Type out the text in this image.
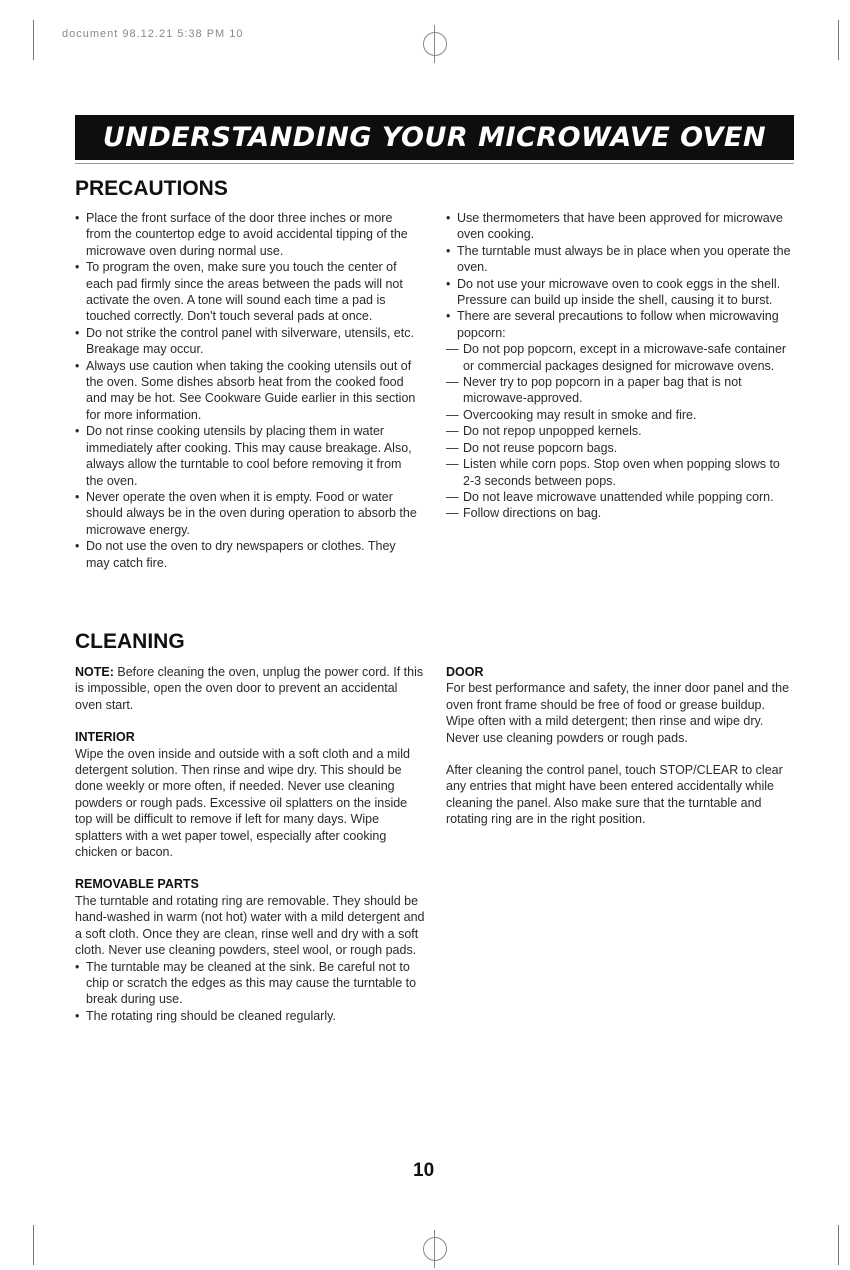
document 98.12.21 5:38 PM 10
UNDERSTANDING YOUR MICROWAVE OVEN
PRECAUTIONS
• Place the front surface of the door three inches or more from the countertop edge to avoid accidental tipping of the microwave oven during normal use.
• To program the oven, make sure you touch the center of each pad firmly since the areas between the pads will not activate the oven. A tone will sound each time a pad is touched correctly. Don't touch several pads at once.
• Do not strike the control panel with silverware, utensils, etc. Breakage may occur.
• Always use caution when taking the cooking utensils out of the oven. Some dishes absorb heat from the cooked food and may be hot. See Cookware Guide earlier in this section for more information.
• Do not rinse cooking utensils by placing them in water immediately after cooking. This may cause breakage. Also, always allow the turntable to cool before removing it from the oven.
• Never operate the oven when it is empty. Food or water should always be in the oven during operation to absorb the microwave energy.
• Do not use the oven to dry newspapers or clothes. They may catch fire.
• Use thermometers that have been approved for microwave oven cooking.
• The turntable must always be in place when you operate the oven.
• Do not use your microwave oven to cook eggs in the shell. Pressure can build up inside the shell, causing it to burst.
• There are several precautions to follow when microwaving popcorn:
— Do not pop popcorn, except in a microwave-safe container or commercial packages designed for microwave ovens.
— Never try to pop popcorn in a paper bag that is not microwave-approved.
— Overcooking may result in smoke and fire.
— Do not repop unpopped kernels.
— Do not reuse popcorn bags.
— Listen while corn pops. Stop oven when popping slows to 2-3 seconds between pops.
— Do not leave microwave unattended while popping corn.
— Follow directions on bag.
CLEANING

NOTE: Before cleaning the oven, unplug the power cord. If this is impossible, open the oven door to prevent an accidental oven start.

INTERIOR

Wipe the oven inside and outside with a soft cloth and a mild detergent solution. Then rinse and wipe dry. This should be done weekly or more often, if needed. Never use cleaning powders or rough pads. Excessive oil splatters on the inside top will be difficult to remove if left for many days. Wipe splatters with a wet paper towel, especially after cooking chicken or bacon.

REMOVABLE PARTS

The turntable and rotating ring are removable. They should be hand-washed in warm (not hot) water with a mild detergent and a soft cloth. Once they are clean, rinse well and dry with a soft cloth. Never use cleaning powders, steel wool, or rough pads.

• The turntable may be cleaned at the sink. Be careful not to chip or scratch the edges as this may cause the turntable to break during use.
• The rotating ring should be cleaned regularly.

DOOR

For best performance and safety, the inner door panel and the oven front frame should be free of food or grease buildup. Wipe often with a mild detergent; then rinse and wipe dry. Never use cleaning powders or rough pads.

After cleaning the control panel, touch STOP/CLEAR to clear any entries that might have been entered accidentally while cleaning the panel. Also make sure that the turntable and rotating ring are in the right position.

10
